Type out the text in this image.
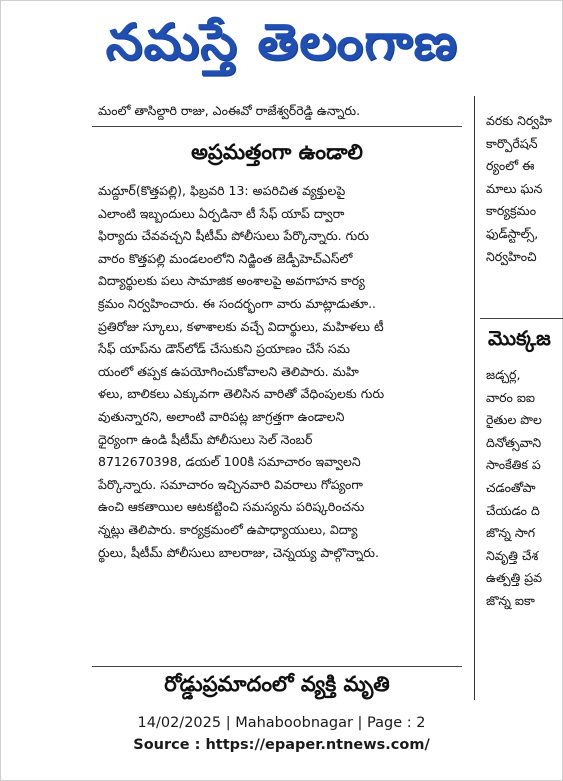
నమస్తే తెలంగాణ
మంలో తాసిల్దారి రాజు, ఎంఈవో రాజేశ్వర్‌రెడ్డి ఉన్నారు.
అప్రమత్తంగా ఉండాలి
మద్దూర్(కొత్తపల్లి), ఫిబ్రవరి 13: అపరిచిత వ్యక్తులపై
ఎలాంటి ఇబ్బందులు ఏర్పడినా టీ సేఫ్ యాప్ ద్వారా
ఫిర్యాదు చేవవచ్చని షీటీమ్ పోలీసులు పేర్కొన్నారు. గురు
వారం కొత్తపల్లి మండలంలోని నిడ్జింత జెడ్పీహెచ్ఎస్‌లో
విద్యార్థులకు పలు సామాజిక అంశాలపై అవగాహన కార్య
క్రమం నిర్వహించారు. ఈ సందర్భంగా వారు మాట్లాడుతూ..
ప్రతిరోజు స్కూలు, కళాశాలకు వచ్చే విదార్థులు, మహిళలు టీ
సేఫ్ యాప్‌ను డౌన్‌లోడ్ చేసుకుని ప్రయాణం చేసే సమ
యంలో తప్పక ఉపయోగించుకోవాలని తెలిపారు. మహి
ళలు, బాలికలు ఎక్కువగా తెలిసిన వారితో వేధింపులకు గురు
వుతున్నారని, అలాంటి వారిపట్ల జాగ్రత్తగా ఉండాలని
ధైర్యంగా ఉండి షీటీమ్ పోలీసులు సెల్ నెంబర్
8712670398, డయల్ 100కి సమాచారం ఇవ్వాలని
పేర్కొన్నారు. సమాచారం ఇచ్చినవారి వివరాలు గోప్యంగా
ఉంచి ఆకతాయిల ఆటకట్టించి సమస్యను పరిష్కరించను
న్నట్లు తెలిపారు. కార్యక్రమంలో ఉపాధ్యాయులు, విద్యా
ర్థులు, షీటీమ్ పోలీసులు బాలరాజు, చెన్నయ్య పాల్గొన్నారు.
రోడ్డుప్రమాదంలో వ్యక్తి మృతి
వరకు నిర్వహి
కార్పొరేషన్
ర్యంలో ఈ
మాలు ఘన
కార్యక్రమం
ఫుడ్‌స్టాల్స్,
నిర్వహించి
మొక్కజ
జడ్చర్ల,
వారం ఐఐ
రైతుల పొల
దినోత్సవాని
సాంకేతిక ప
చడంతోపా
చేయడం ది
జొన్న సాగ
నివృత్తి చేశ
ఉత్పత్తి ప్రవ
జొన్న ఐకా
14/02/2025 | Mahaboobnagar | Page : 2
Source : https://epaper.ntnews.com/
